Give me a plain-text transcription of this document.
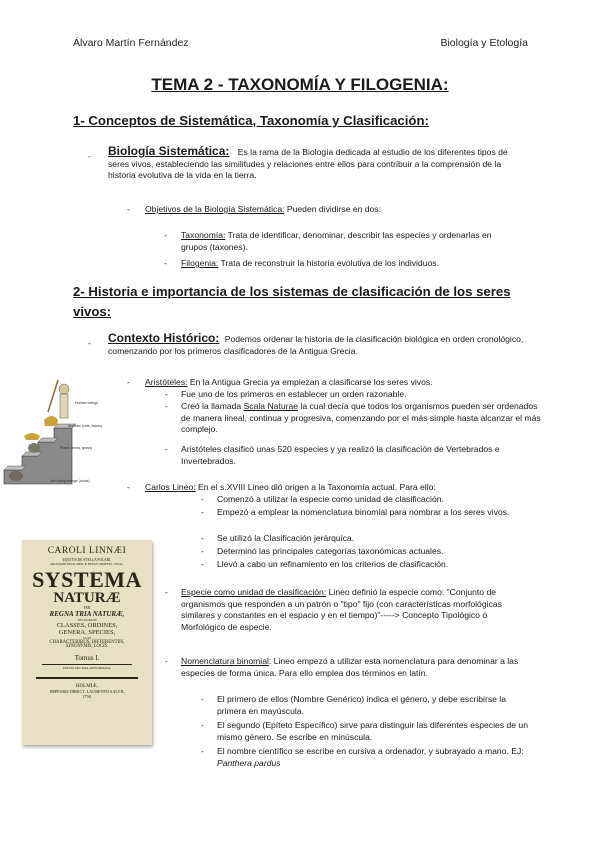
Álvaro Martín Fernández	Biología y Etología
TEMA 2 - TAXONOMÍA Y FILOGENIA:
1- Conceptos de Sistemática, Taxonomía y Clasificación:
- Biología Sistemática: Es la rama de la Biología dedicada al estudio de los diferentes tipos de seres vivos, estableciendo las similitudes y relaciones entre ellos para contribuir a la comprensión de la historia evolutiva de la vida en la tierra.
- Objetivos de la Biología Sistemática: Pueden dividirse en dos:
- Taxonomía: Trata de identificar, denominar, describir las especies y ordenarlas en grupos (taxones).
- Filogenia: Trata de reconstruir la historia evolutiva de los individuos.
2- Historia e importancia de los sistemas de clasificación de los seres vivos:
- Contexto Histórico: Podemos ordenar la historia de la clasificación biológica en orden cronológico, comenzando por los primeros clasificadores de la Antigua Grecia.
Human beings
Animals (cats, fishes)
Plants (trees, grass)
Non-living beings (rocks)
- Aristóteles: En la Antigua Grecia ya empiezan a clasificarse los seres vivos.
- Fue uno de los primeros en establecer un orden razonable.
- Creó la llamada Scala Naturae la cual decía que todos los organismos pueden ser ordenados de manera lineal, continua y progresiva, comenzando por el más simple hasta alcanzar el más complejo.
- Aristóteles clasificó unas 520 especies y ya realizó la clasificación de Vertebrados e Invertebrados.
- Carlos Lineo: En el s.XVIII Lineo dió origen a la Taxonomía actual. Para ello:
- Comenzó a utilizar la especie como unidad de clasificación.
- Empezó a emplear la nomenclatura binomial para nombrar a los seres vivos.
- Se utilizó la Clasificación jerárquica.
- Determinó las principales categorías taxonómicas actuales.
- Llevó a cabo un refinamiento en los criterios de clasificación.
CAROLI LINNÆI
EQUITIS DE STELLA POLARI,
ARCHIATRI REGII, MED. & BOTAN. PROFESS. UPSAL.
SYSTEMA
NATURÆ
PER
REGNA TRIA NATURÆ,
SECUNDUM
CLASSES, ORDINES,
GENERA, SPECIES,
CUM
CHARACTERIBUS, DIFFERENTIIS,
SYNONYMIS, LOCIS.
Tomus I.
EDITIO DECIMA, REFORMATA.
HOLMIÆ,
IMPENSIS DIRECT. LAURENTII SALVII,
1758.
- Especie como unidad de clasificación: Lineo definió la especie como: "Conjunto de organismos que responden a un patrón o "tipo" fijo (con características morfológicas similares y constantes en el espacio y en el tiempo)"-----> Concepto Tipológico ó Morfológico de especie.
- Nomenclatura binomial: Lineo empezó a utilizar esta nomenclatura para denominar a las especies de forma única. Para ello emplea dos términos en latín.
- El primero de ellos (Nombre Genérico) indica el género, y debe escribirse la primera en mayúscula.
- El segundo (Epíteto Específico) sirve para distinguir las diferentes especies de un mismo género. Se escribe en minúscula.
- El nombre científico se escribe en cursiva a ordenador, y subrayado a mano. EJ: Panthera pardus
